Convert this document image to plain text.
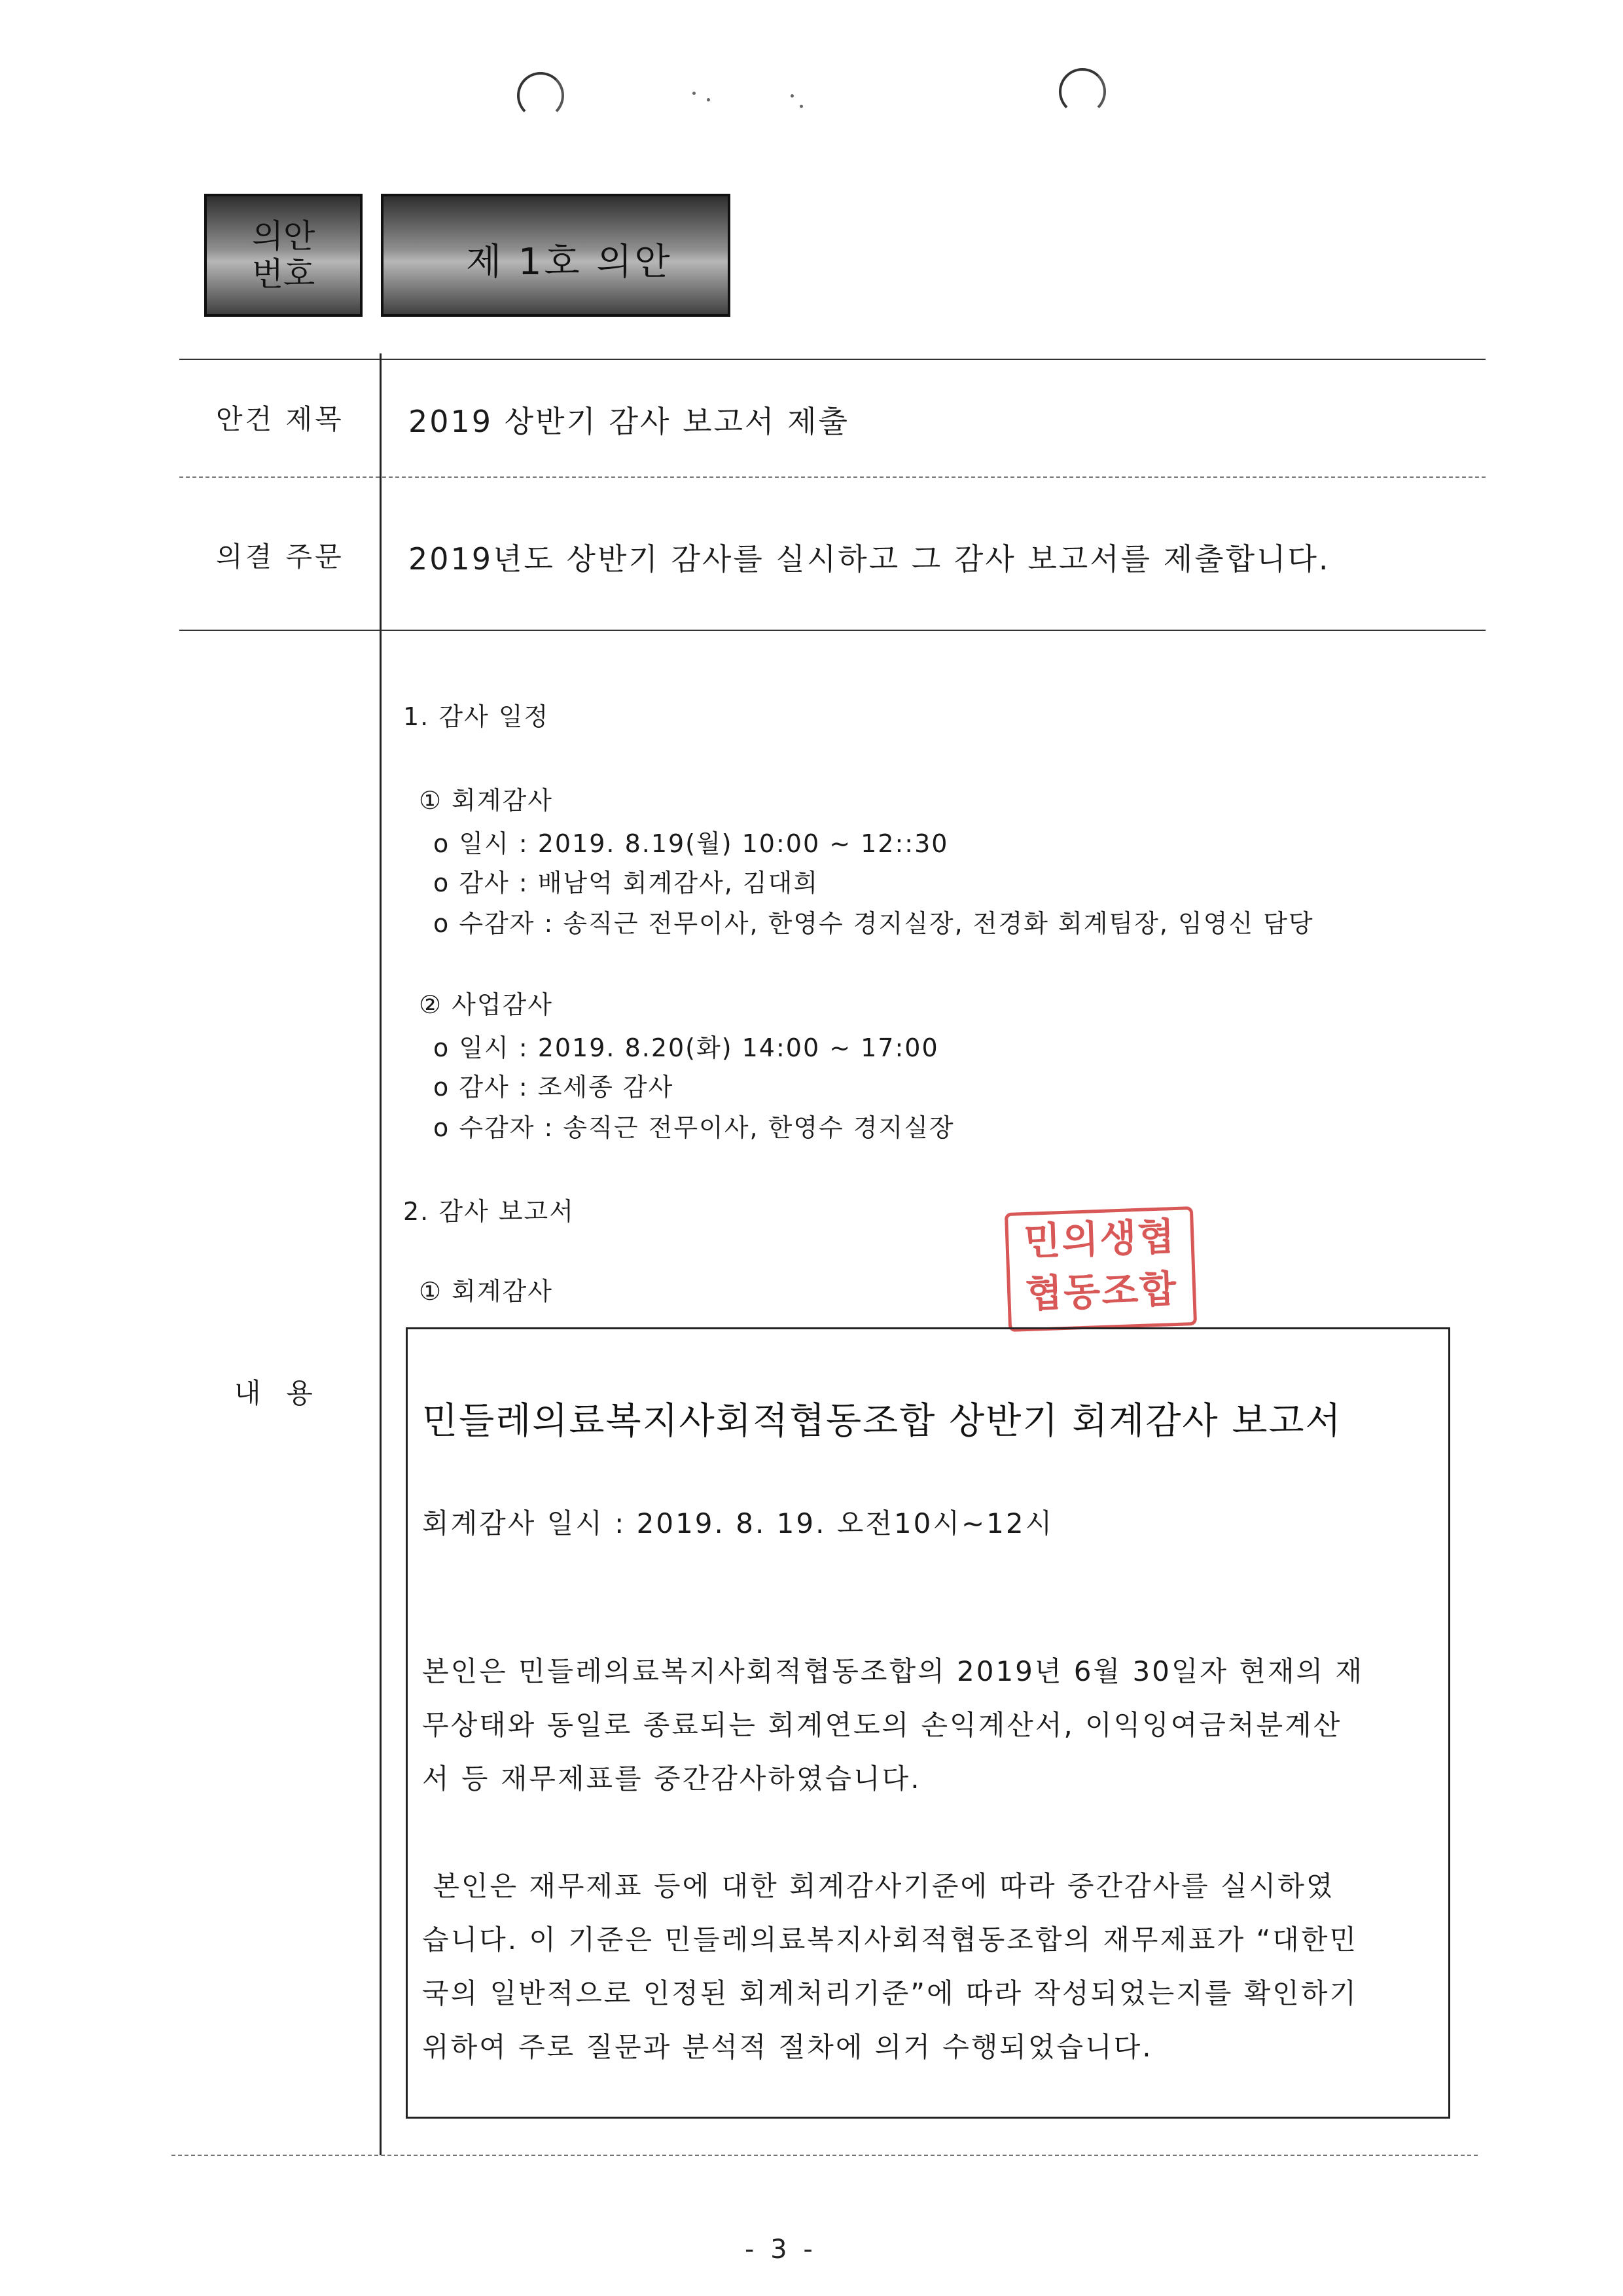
의안
번호	제 1호 의안
안건 제목 2019 상반기 감사 보고서 제출
의결 주문 2019년도 상반기 감사를 실시하고 그 감사 보고서를 제출합니다.
내  용
1. 감사 일정
① 회계감사
o 일시 : 2019. 8.19(월) 10:00 ~ 12::30
o 감사 : 배남억 회계감사, 김대희
o 수감자 : 송직근 전무이사, 한영수 경지실장, 전경화 회계팀장, 임영신 담당
② 사업감사
o 일시 : 2019. 8.20(화) 14:00 ~ 17:00
o 감사 : 조세종 감사
o 수감자 : 송직근 전무이사, 한영수 경지실장
2. 감사 보고서
① 회계감사
민의생협
협동조합
민들레의료복지사회적협동조합 상반기 회계감사 보고서
회계감사 일시 : 2019. 8. 19. 오전10시~12시
본인은 민들레의료복지사회적협동조합의 2019년 6월 30일자 현재의 재
무상태와 동일로 종료되는 회계연도의 손익계산서, 이익잉여금처분계산
서 등 재무제표를 중간감사하였습니다.
본인은 재무제표 등에 대한 회계감사기준에 따라 중간감사를 실시하였
습니다. 이 기준은 민들레의료복지사회적협동조합의 재무제표가 “대한민
국의 일반적으로 인정된 회계처리기준”에 따라 작성되었는지를 확인하기
위하여 주로 질문과 분석적 절차에 의거 수행되었습니다.
- 3 -
